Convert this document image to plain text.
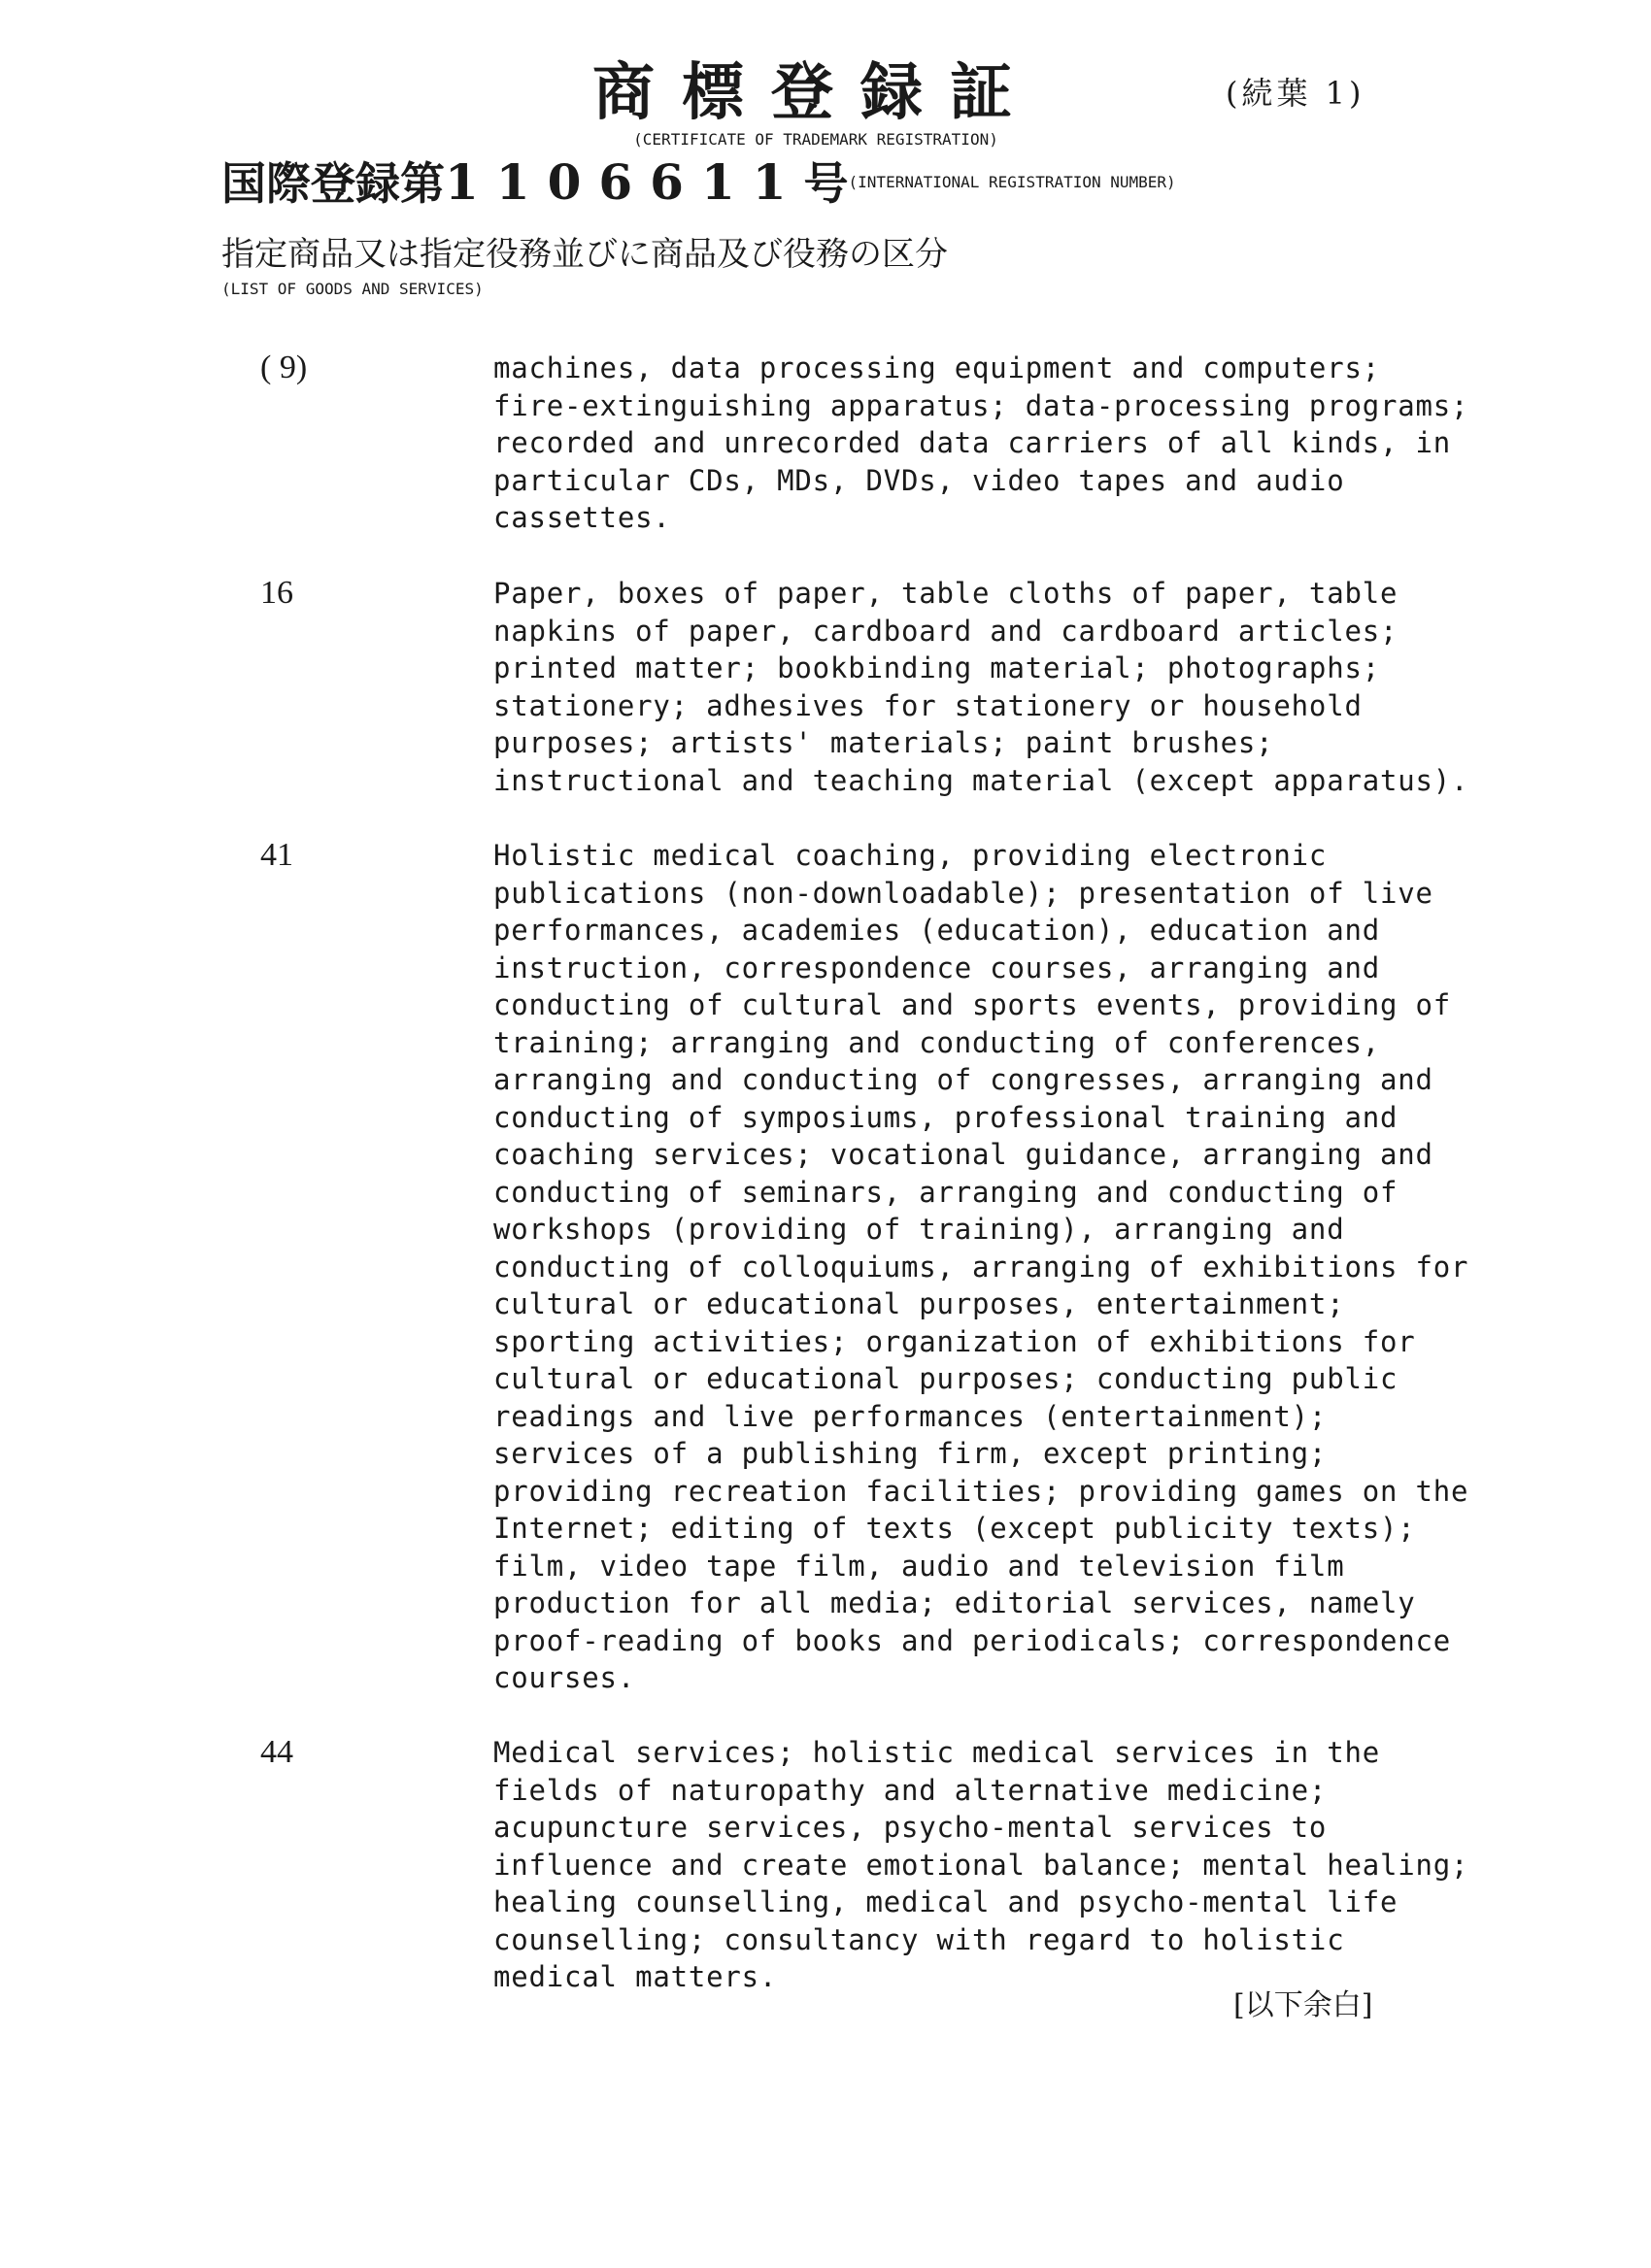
商標登録証	(続葉 1)
(CERTIFICATE OF TRADEMARK REGISTRATION)
国際登録第1106611号(INTERNATIONAL REGISTRATION NUMBER)
指定商品又は指定役務並びに商品及び役務の区分
(LIST OF GOODS AND SERVICES)
( 9)	machines, data processing equipment and computers;
fire-extinguishing apparatus; data-processing programs;
recorded and unrecorded data carriers of all kinds, in
particular CDs, MDs, DVDs, video tapes and audio
cassettes.
16	Paper, boxes of paper, table cloths of paper, table
napkins of paper, cardboard and cardboard articles;
printed matter; bookbinding material; photographs;
stationery; adhesives for stationery or household
purposes; artists' materials; paint brushes;
instructional and teaching material (except apparatus).
41	Holistic medical coaching, providing electronic
publications (non-downloadable); presentation of live
performances, academies (education), education and
instruction, correspondence courses, arranging and
conducting of cultural and sports events, providing of
training; arranging and conducting of conferences,
arranging and conducting of congresses, arranging and
conducting of symposiums, professional training and
coaching services; vocational guidance, arranging and
conducting of seminars, arranging and conducting of
workshops (providing of training), arranging and
conducting of colloquiums, arranging of exhibitions for
cultural or educational purposes, entertainment;
sporting activities; organization of exhibitions for
cultural or educational purposes; conducting public
readings and live performances (entertainment);
services of a publishing firm, except printing;
providing recreation facilities; providing games on the
Internet; editing of texts (except publicity texts);
film, video tape film, audio and television film
production for all media; editorial services, namely
proof-reading of books and periodicals; correspondence
courses.
44	Medical services; holistic medical services in the
fields of naturopathy and alternative medicine;
acupuncture services, psycho-mental services to
influence and create emotional balance; mental healing;
healing counselling, medical and psycho-mental life
counselling; consultancy with regard to holistic
medical matters.
[以下余白]
